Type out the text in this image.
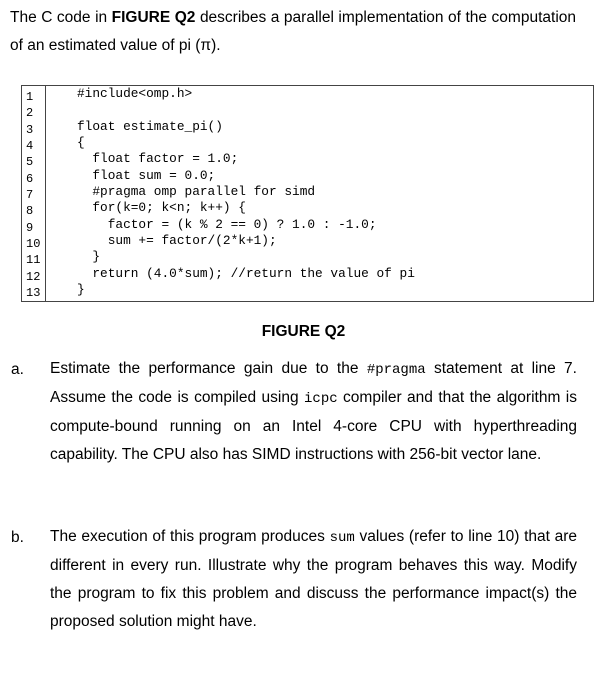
The C code in FIGURE Q2 describes a parallel implementation of the computation of an estimated value of pi (π).
1
2
3
4
5
6
7
8
9
10
11
12
13
#include<omp.h>
float estimate_pi()
{
float factor = 1.0;
float sum = 0.0;
#pragma omp parallel for simd
for(k=0; k<n; k++) {
factor = (k % 2 == 0) ? 1.0 : -1.0;
sum += factor/(2*k+1);
}
return (4.0*sum); //return the value of pi
}
FIGURE Q2
a. Estimate the performance gain due to the #pragma statement at line 7. Assume the code is compiled using icpc compiler and that the algorithm is compute-bound running on an Intel 4-core CPU with hyperthreading capability. The CPU also has SIMD instructions with 256-bit vector lane.
b. The execution of this program produces sum values (refer to line 10) that are different in every run. Illustrate why the program behaves this way. Modify the program to fix this problem and discuss the performance impact(s) the proposed solution might have.
